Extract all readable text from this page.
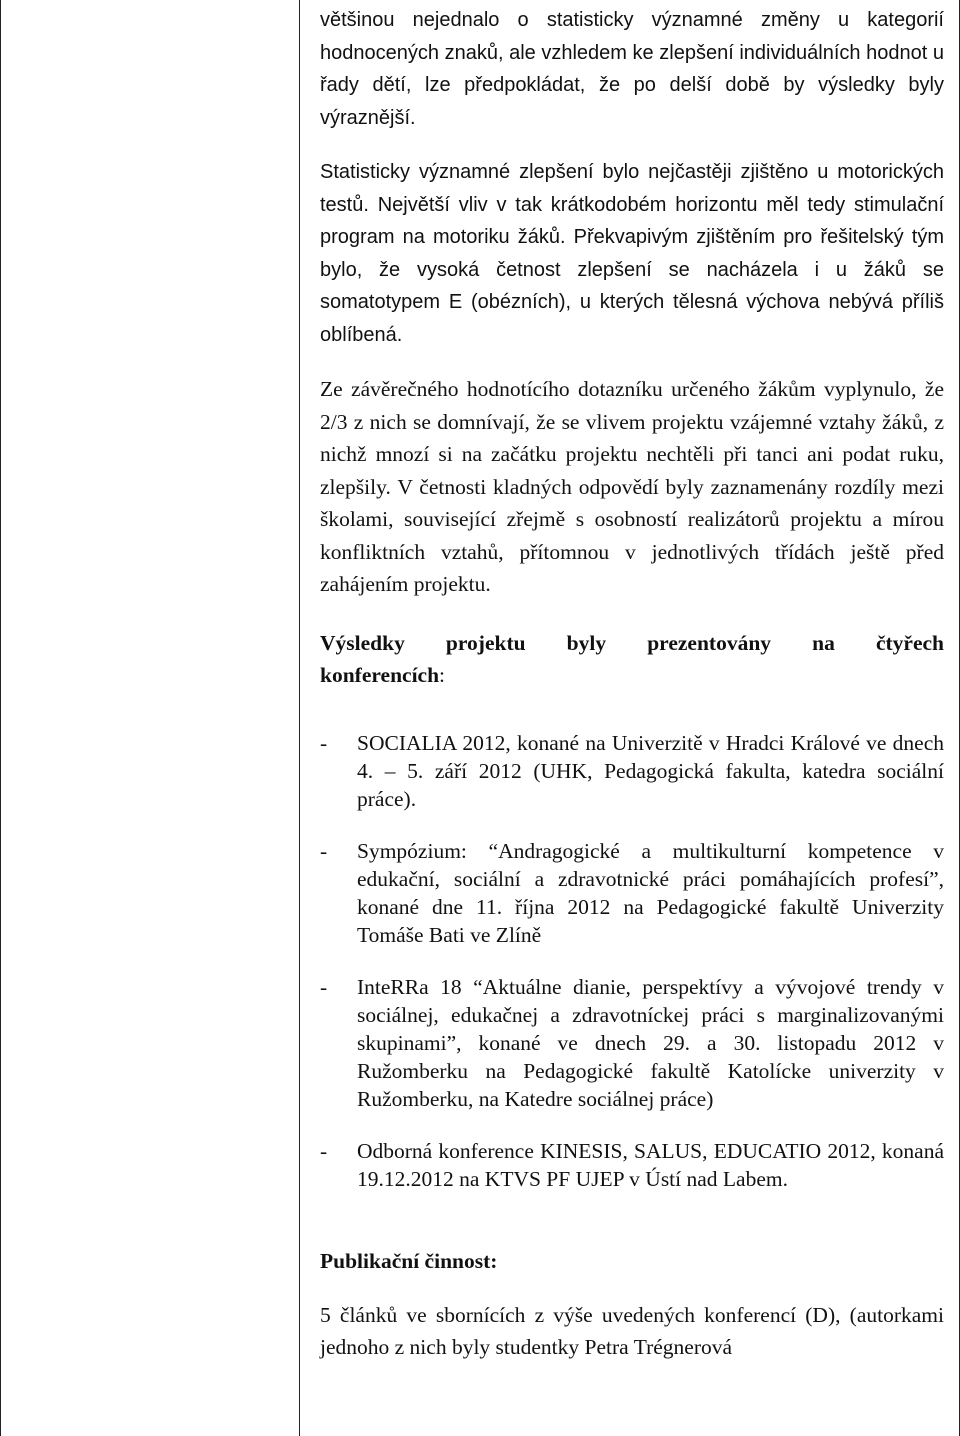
většinou nejednalo o statisticky významné změny u kategorií hodnocených znaků, ale vzhledem ke zlepšení individuálních hodnot u řady dětí, lze předpokládat, že po delší době by výsledky byly výraznější.

Statisticky významné zlepšení bylo nejčastěji zjištěno u motorických testů. Největší vliv v tak krátkodobém horizontu měl tedy stimulační program na motoriku žáků. Překvapivým zjištěním pro řešitelský tým bylo, že vysoká četnost zlepšení se nacházela i u žáků se somatotypem E (obézních), u kterých tělesná výchova nebývá příliš oblíbená.

Ze závěrečného hodnotícího dotazníku určeného žákům vyplynulo, že 2/3 z nich se domnívají, že se vlivem projektu vzájemné vztahy žáků, z nichž mnozí si na začátku projektu nechtěli při tanci ani podat ruku, zlepšily. V četnosti kladných odpovědí byly zaznamenány rozdíly mezi školami, související zřejmě s osobností realizátorů projektu a mírou konfliktních vztahů, přítomnou v jednotlivých třídách ještě před zahájením projektu.

Výsledky projektu byly prezentovány na čtyřech konferencích:

- SOCIALIA 2012, konané na Univerzitě v Hradci Králové ve dnech 4. – 5. září 2012 (UHK, Pedagogická fakulta, katedra sociální práce).
- Sympózium: “Andragogické a multikulturní kompetence v edukační, sociální a zdravotnické práci pomáhajících profesí”, konané dne 11. října 2012 na Pedagogické fakultě Univerzity Tomáše Bati ve Zlíně
- InteRRa 18 “Aktuálne dianie, perspektívy a vývojové trendy v sociálnej, edukačnej a zdravotníckej práci s marginalizovanými skupinami”, konané ve dnech 29. a 30. listopadu 2012 v Ružomberku na Pedagogické fakultě Katolícke univerzity v Ružomberku, na Katedre sociálnej práce)
- Odborná konference KINESIS, SALUS, EDUCATIO 2012, konaná 19.12.2012 na KTVS PF UJEP v Ústí nad Labem.

Publikační činnost:

5 článků ve sbornících z výše uvedených konferencí (D), (autorkami jednoho z nich byly studentky Petra Trégnerová
